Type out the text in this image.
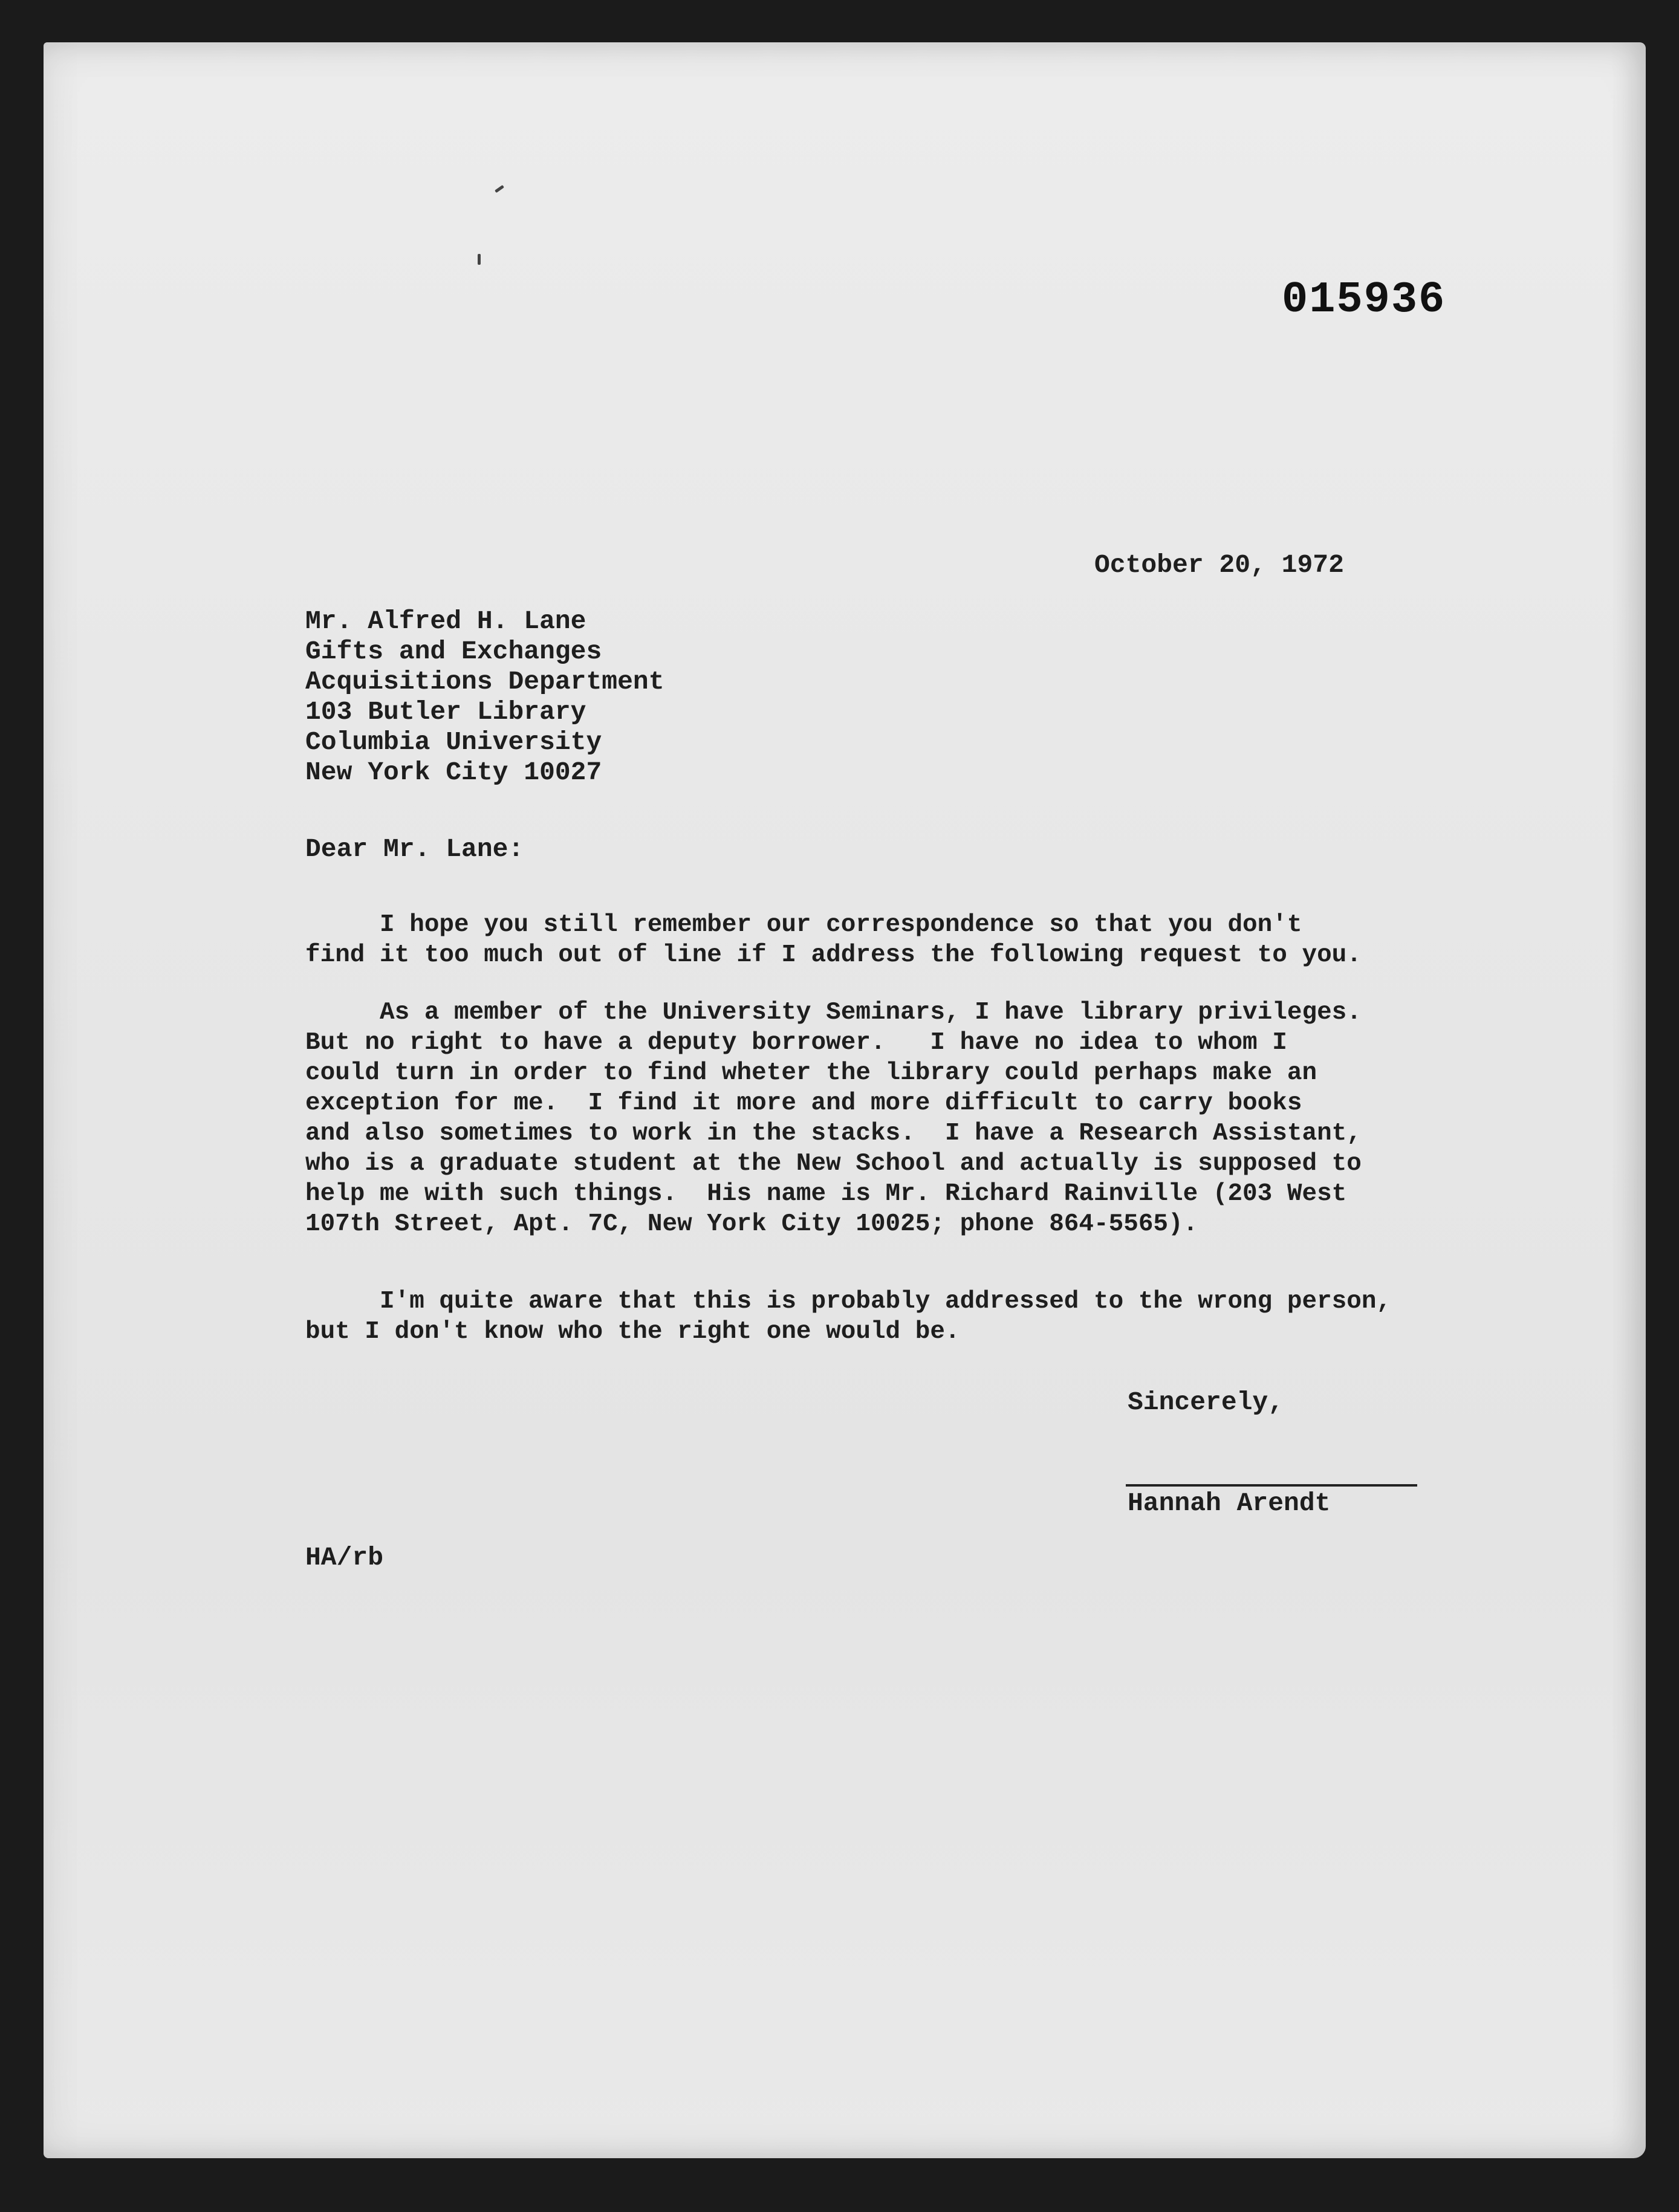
015936

October 20, 1972

Mr. Alfred H. Lane
Gifts and Exchanges
Acquisitions Department
103 Butler Library
Columbia University
New York City 10027

Dear Mr. Lane:

I hope you still remember our correspondence so that you don't
find it too much out of line if I address the following request to you.

As a member of the University Seminars, I have library privileges.
But no right to have a deputy borrower.   I have no idea to whom I
could turn in order to find wheter the library could perhaps make an
exception for me.  I find it more and more difficult to carry books
and also sometimes to work in the stacks.  I have a Research Assistant,
who is a graduate student at the New School and actually is supposed to
help me with such things.  His name is Mr. Richard Rainville (203 West
107th Street, Apt. 7C, New York City 10025; phone 864-5565).

I'm quite aware that this is probably addressed to the wrong person,
but I don't know who the right one would be.

Sincerely,

Hannah Arendt

HA/rb
